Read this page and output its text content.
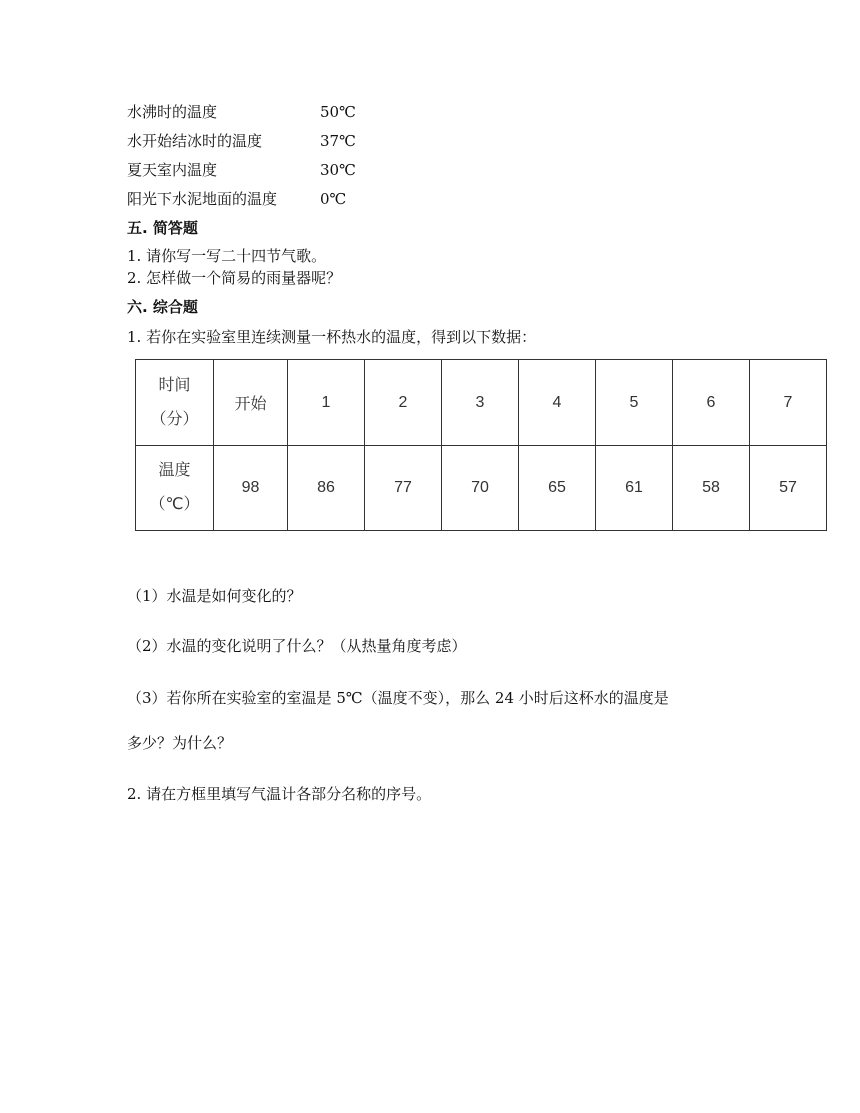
水沸时的温度	50℃
水开始结冰时的温度	37℃
夏天室内温度	30℃
阳光下水泥地面的温度	0℃
五. 简答题
1. 请你写一写二十四节气歌。
2. 怎样做一个简易的雨量器呢？
六. 综合题
1. 若你在实验室里连续测量一杯热水的温度，得到以下数据：
时间
（分）	开始	1	2	3	4	5	6	7

温度
（℃）	98	86	77	70	65	61	58	57
（1）水温是如何变化的？
（2）水温的变化说明了什么？（从热量角度考虑）
（3）若你所在实验室的室温是 5℃（温度不变），那么 24 小时后这杯水的温度是
多少？为什么？
2. 请在方框里填写气温计各部分名称的序号。
